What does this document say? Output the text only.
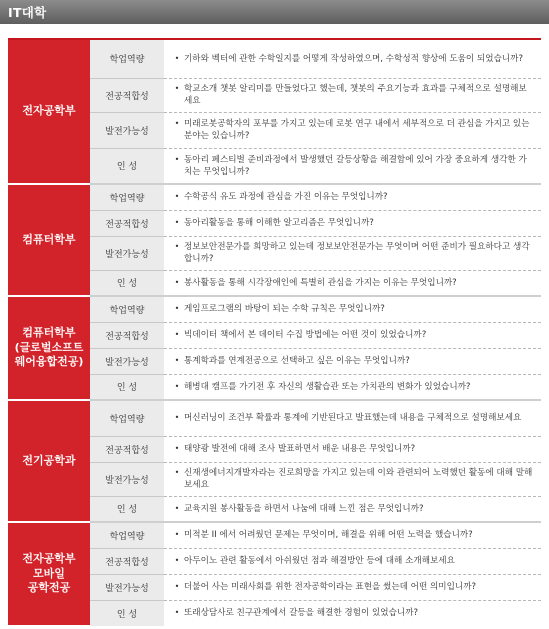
IT대학
전자공학부	학업역량	• 기하와 벡터에 관한 수학일지를 어떻게 작성하였으며, 수학성적 향상에 도움이 되었습니까?

	전공적합성	• 학교소개 챗봇 알리미를 만들었다고 했는데, 챗봇의 주요기능과 효과를 구체적으로 설명해보세요

	발전가능성	• 미래로봇공학자의 포부를 가지고 있는데 로봇 연구 내에서 세부적으로 더 관심을 가지고 있는 분야는 있습니까?

	인 성	• 동아리 페스티벌 준비과정에서 발생했던 갈등상황을 해결함에 있어 가장 중요하게 생각한 가치는 무엇입니까?

컴퓨터학부	학업역량	• 수학공식 유도 과정에 관심을 가진 이유는 무엇입니까?

	전공적합성	• 동아리활동을 통해 이해한 알고리즘은 무엇입니까?

	발전가능성	• 정보보안전문가를 희망하고 있는데 정보보안전문가는 무엇이며 어떤 준비가 필요하다고 생각합니까?

	인 성	• 봉사활동을 통해 시각장애인에 특별히 관심을 가지는 이유는 무엇입니까?

컴퓨터학부
(글로벌소프트
웨어융합전공)	학업역량	• 게임프로그램의 바탕이 되는 수학 규칙은 무엇입니까?

	전공적합성	• 빅데이터 책에서 본 데이터 수집 방법에는 어떤 것이 있었습니까?

	발전가능성	• 통계학과를 연계전공으로 선택하고 싶은 이유는 무엇입니까?

	인 성	• 해병대 캠프를 가기전 후 자신의 생활습관 또는 가치관의 변화가 있었습니까?

전기공학과	학업역량	• 머신러닝이 조건부 확률과 통계에 기반된다고 발표했는데 내용을 구체적으로 설명해보세요

	전공적합성	• 태양광 발전에 대해 조사 발표하면서 배운 내용은 무엇입니까?

	발전가능성	• 신재생에너지개발자라는 진로희망을 가지고 있는데 이와 관련되어 노력했던 활동에 대해 말해보세요

	인 성	• 교육지원 봉사활동을 하면서 나눔에 대해 느낀 점은 무엇입니까?

전자공학부
모바일
공학전공	학업역량	• 미적분 II 에서 어려웠던 문제는 무엇이며, 해결을 위해 어떤 노력을 했습니까?

	전공적합성	• 아두이노 관련 활동에서 아쉬웠던 점과 해결방안 등에 대해 소개해보세요

	발전가능성	• 더불어 사는 미래사회를 위한 전자공학이라는 표현을 썼는데 어떤 의미입니까?

	인 성	• 또래상담사로 친구관계에서 갈등을 해결한 경험이 있었습니까?
